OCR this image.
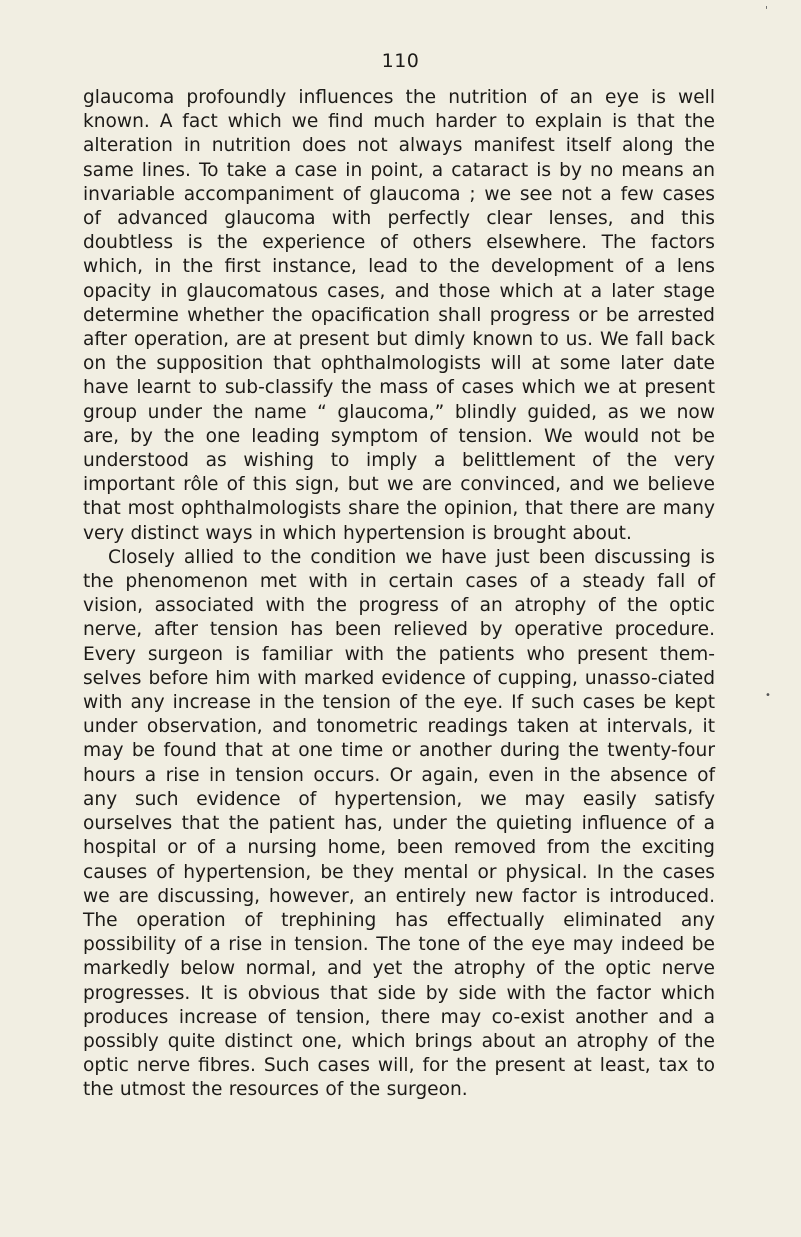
'
110

glaucoma profoundly influences the nutrition of an eye is well known. A fact which we find much harder to explain is that the alteration in nutrition does not always manifest itself along the same lines. To take a case in point, a cataract is by no means an invariable accompaniment of glaucoma ; we see not a few cases of advanced glaucoma with perfectly clear lenses, and this doubtless is the experience of others elsewhere. The factors which, in the first instance, lead to the development of a lens opacity in glaucomatous cases, and those which at a later stage determine whether the opacification shall progress or be arrested after operation, are at present but dimly known to us. We fall back on the supposition that ophthalmologists will at some later date have learnt to sub-classify the mass of cases which we at present group under the name “ glaucoma,” blindly guided, as we now are, by the one leading symptom of tension. We would not be understood as wishing to imply a belittlement of the very important rôle of this sign, but we are convinced, and we believe that most ophthalmologists share the opinion, that there are many very distinct ways in which hypertension is brought about.

Closely allied to the condition we have just been discussing is the phenomenon met with in certain cases of a steady fall of vision, associated with the progress of an atrophy of the optic nerve, after tension has been relieved by operative procedure. Every surgeon is familiar with the patients who present them-selves before him with marked evidence of cupping, unasso-ciated with any increase in the tension of the eye. If such cases be kept under observation, and tonometric readings taken at intervals, it may be found that at one time or another during the twenty-four hours a rise in tension occurs. Or again, even in the absence of any such evidence of hypertension, we may easily satisfy ourselves that the patient has, under the quieting influence of a hospital or of a nursing home, been removed from the exciting causes of hypertension, be they mental or physical. In the cases we are discussing, however, an entirely new factor is introduced. The operation of trephining has effectually eliminated any possibility of a rise in tension. The tone of the eye may indeed be markedly below normal, and yet the atrophy of the optic nerve progresses. It is obvious that side by side with the factor which produces increase of tension, there may co-exist another and a possibly quite distinct one, which brings about an atrophy of the optic nerve fibres. Such cases will, for the present at least, tax to the utmost the resources of the surgeon.

•
